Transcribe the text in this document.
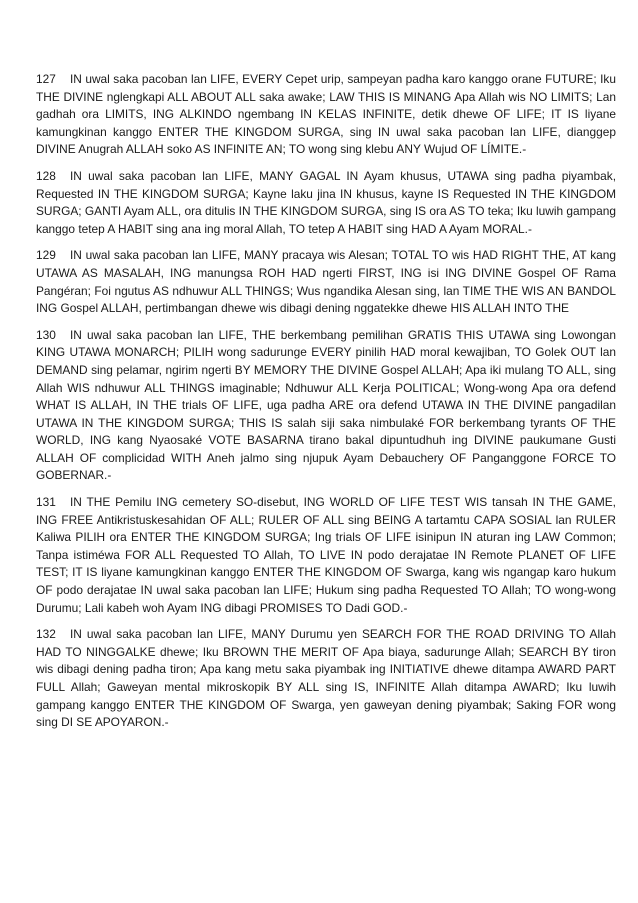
127 IN uwal saka pacoban lan LIFE, EVERY Cepet urip, sampeyan padha karo kanggo orane FUTURE; Iku THE DIVINE nglengkapi ALL ABOUT ALL saka awake; LAW THIS IS MINANG Apa Allah wis NO LIMITS; Lan gadhah ora LIMITS, ING ALKINDO ngembang IN KELAS INFINITE, detik dhewe OF LIFE; IT IS liyane kamungkinan kanggo ENTER THE KINGDOM SURGA, sing IN uwal saka pacoban lan LIFE, dianggep DIVINE Anugrah ALLAH soko AS INFINITE AN; TO wong sing klebu ANY Wujud OF LÍMITE.-

128 IN uwal saka pacoban lan LIFE, MANY GAGAL IN Ayam khusus, UTAWA sing padha piyambak, Requested IN THE KINGDOM SURGA; Kayne laku jina IN khusus, kayne IS Requested IN THE KINGDOM SURGA; GANTI Ayam ALL, ora ditulis IN THE KINGDOM SURGA, sing IS ora AS TO teka; Iku luwih gampang kanggo tetep A HABIT sing ana ing moral Allah, TO tetep A HABIT sing HAD A Ayam MORAL.-

129 IN uwal saka pacoban lan LIFE, MANY pracaya wis Alesan; TOTAL TO wis HAD RIGHT THE, AT kang UTAWA AS MASALAH, ING manungsa ROH HAD ngerti FIRST, ING isi ING DIVINE Gospel OF Rama Pangéran; Foi ngutus AS ndhuwur ALL THINGS; Wus ngandika Alesan sing, lan TIME THE WIS AN BANDOL ING Gospel ALLAH, pertimbangan dhewe wis dibagi dening nggatekke dhewe HIS ALLAH INTO THE

130 IN uwal saka pacoban lan LIFE, THE berkembang pemilihan GRATIS THIS UTAWA sing Lowongan KING UTAWA MONARCH; PILIH wong sadurunge EVERY pinilih HAD moral kewajiban, TO Golek OUT lan DEMAND sing pelamar, ngirim ngerti BY MEMORY THE DIVINE Gospel ALLAH; Apa iki mulang TO ALL, sing Allah WIS ndhuwur ALL THINGS imaginable; Ndhuwur ALL Kerja POLITICAL; Wong-wong Apa ora defend WHAT IS ALLAH, IN THE trials OF LIFE, uga padha ARE ora defend UTAWA IN THE DIVINE pangadilan UTAWA IN THE KINGDOM SURGA; THIS IS salah siji saka nimbulaké FOR berkembang tyrants OF THE WORLD, ING kang Nyaosaké VOTE BASARNA tirano bakal dipuntudhuh ing DIVINE paukumane Gusti ALLAH OF complicidad WITH Aneh jalmo sing njupuk Ayam Debauchery OF Panganggone FORCE TO GOBERNAR.-

131 IN THE Pemilu ING cemetery SO-disebut, ING WORLD OF LIFE TEST WIS tansah IN THE GAME, ING FREE Antikristuskesahidan OF ALL; RULER OF ALL sing BEING A tartamtu CAPA SOSIAL lan RULER Kaliwa PILIH ora ENTER THE KINGDOM SURGA; Ing trials OF LIFE isinipun IN aturan ing LAW Common; Tanpa istiméwa FOR ALL Requested TO Allah, TO LIVE IN podo derajatae IN Remote PLANET OF LIFE TEST; IT IS liyane kamungkinan kanggo ENTER THE KINGDOM OF Swarga, kang wis ngangap karo hukum OF podo derajatae IN uwal saka pacoban lan LIFE; Hukum sing padha Requested TO Allah; TO wong-wong Durumu; Lali kabeh woh Ayam ING dibagi PROMISES TO Dadi GOD.-

132 IN uwal saka pacoban lan LIFE, MANY Durumu yen SEARCH FOR THE ROAD DRIVING TO Allah HAD TO NINGGALKE dhewe; Iku BROWN THE MERIT OF Apa biaya, sadurunge Allah; SEARCH BY tiron wis dibagi dening padha tiron; Apa kang metu saka piyambak ing INITIATIVE dhewe ditampa AWARD PART FULL Allah; Gaweyan mental mikroskopik BY ALL sing IS, INFINITE Allah ditampa AWARD; Iku luwih gampang kanggo ENTER THE KINGDOM OF Swarga, yen gaweyan dening piyambak; Saking FOR wong sing DI SE APOYARON.-
